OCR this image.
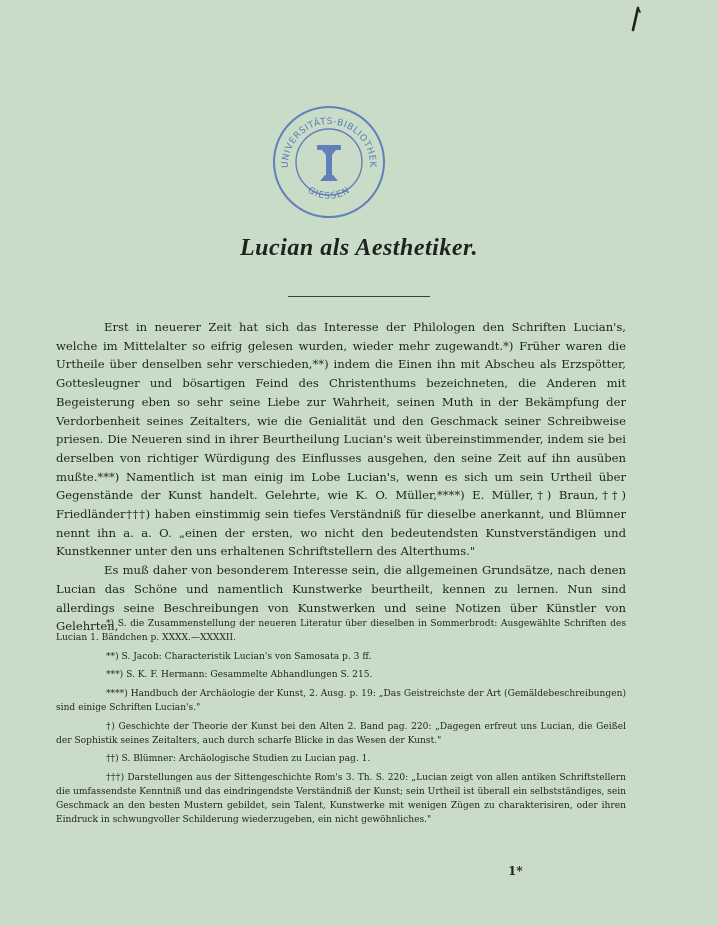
UNIVERSITÄTS-BIBLIOTHEK
GIESSEN
Lucian als Aesthetiker.

Erst in neuerer Zeit hat sich das Interesse der Philologen den Schriften Lucian's, welche im Mittelalter so eifrig gelesen wurden, wieder mehr zugewandt.*) Früher waren die Urtheile über denselben sehr verschieden,**) indem die Einen ihn mit Abscheu als Erzspötter, Gottesleugner und bösartigen Feind des Christenthums bezeichneten, die Anderen mit Begeisterung eben so sehr seine Liebe zur Wahrheit, seinen Muth in der Bekämpfung der Verdorbenheit seines Zeitalters, wie die Genialität und den Geschmack seiner Schreibweise priesen. Die Neueren sind in ihrer Beurtheilung Lucian's weit übereinstimmender, indem sie bei derselben von richtiger Würdigung des Einflusses ausgehen, den seine Zeit auf ihn ausüben mußte.***) Namentlich ist man einig im Lobe Lucian's, wenn es sich um sein Urtheil über Gegenstände der Kunst handelt. Gelehrte, wie K. O. Müller,****) E. Müller,†) Braun,††) Friedländer†††) haben einstimmig sein tiefes Verständniß für dieselbe anerkannt, und Blümner nennt ihn a. a. O. „einen der ersten, wo nicht den bedeutendsten Kunstverständigen und Kunstkenner unter den uns erhaltenen Schriftstellern des Alterthums."

Es muß daher von besonderem Interesse sein, die allgemeinen Grundsätze, nach denen Lucian das Schöne und namentlich Kunstwerke beurtheilt, kennen zu lernen. Nun sind allerdings seine Beschreibungen von Kunstwerken und seine Notizen über Künstler von Gelehrten,

*) S. die Zusammenstellung der neueren Literatur über dieselben in Sommerbrodt: Ausgewählte Schriften des Lucian 1. Bändchen p. XXXX.—XXXXII.

**) S. Jacob: Characteristik Lucian's von Samosata p. 3 ff.

***) S. K. F. Hermann: Gesammelte Abhandlungen S. 215.

****) Handbuch der Archäologie der Kunst, 2. Ausg. p. 19: „Das Geistreichste der Art (Gemäldebeschreibungen) sind einige Schriften Lucian's."

†) Geschichte der Theorie der Kunst bei den Alten 2. Band pag. 220: „Dagegen erfreut uns Lucian, die Geißel der Sophistik seines Zeitalters, auch durch scharfe Blicke in das Wesen der Kunst."

††) S. Blümner: Archäologische Studien zu Lucian pag. 1.

†††) Darstellungen aus der Sittengeschichte Rom's 3. Th. S. 220: „Lucian zeigt von allen antiken Schriftstellern die umfassendste Kenntniß und das eindringendste Verständniß der Kunst; sein Urtheil ist überall ein selbstständiges, sein Geschmack an den besten Mustern gebildet, sein Talent, Kunstwerke mit wenigen Zügen zu charakterisiren, oder ihren Eindruck in schwungvoller Schilderung wiederzugeben, ein nicht gewöhnliches."

1*
